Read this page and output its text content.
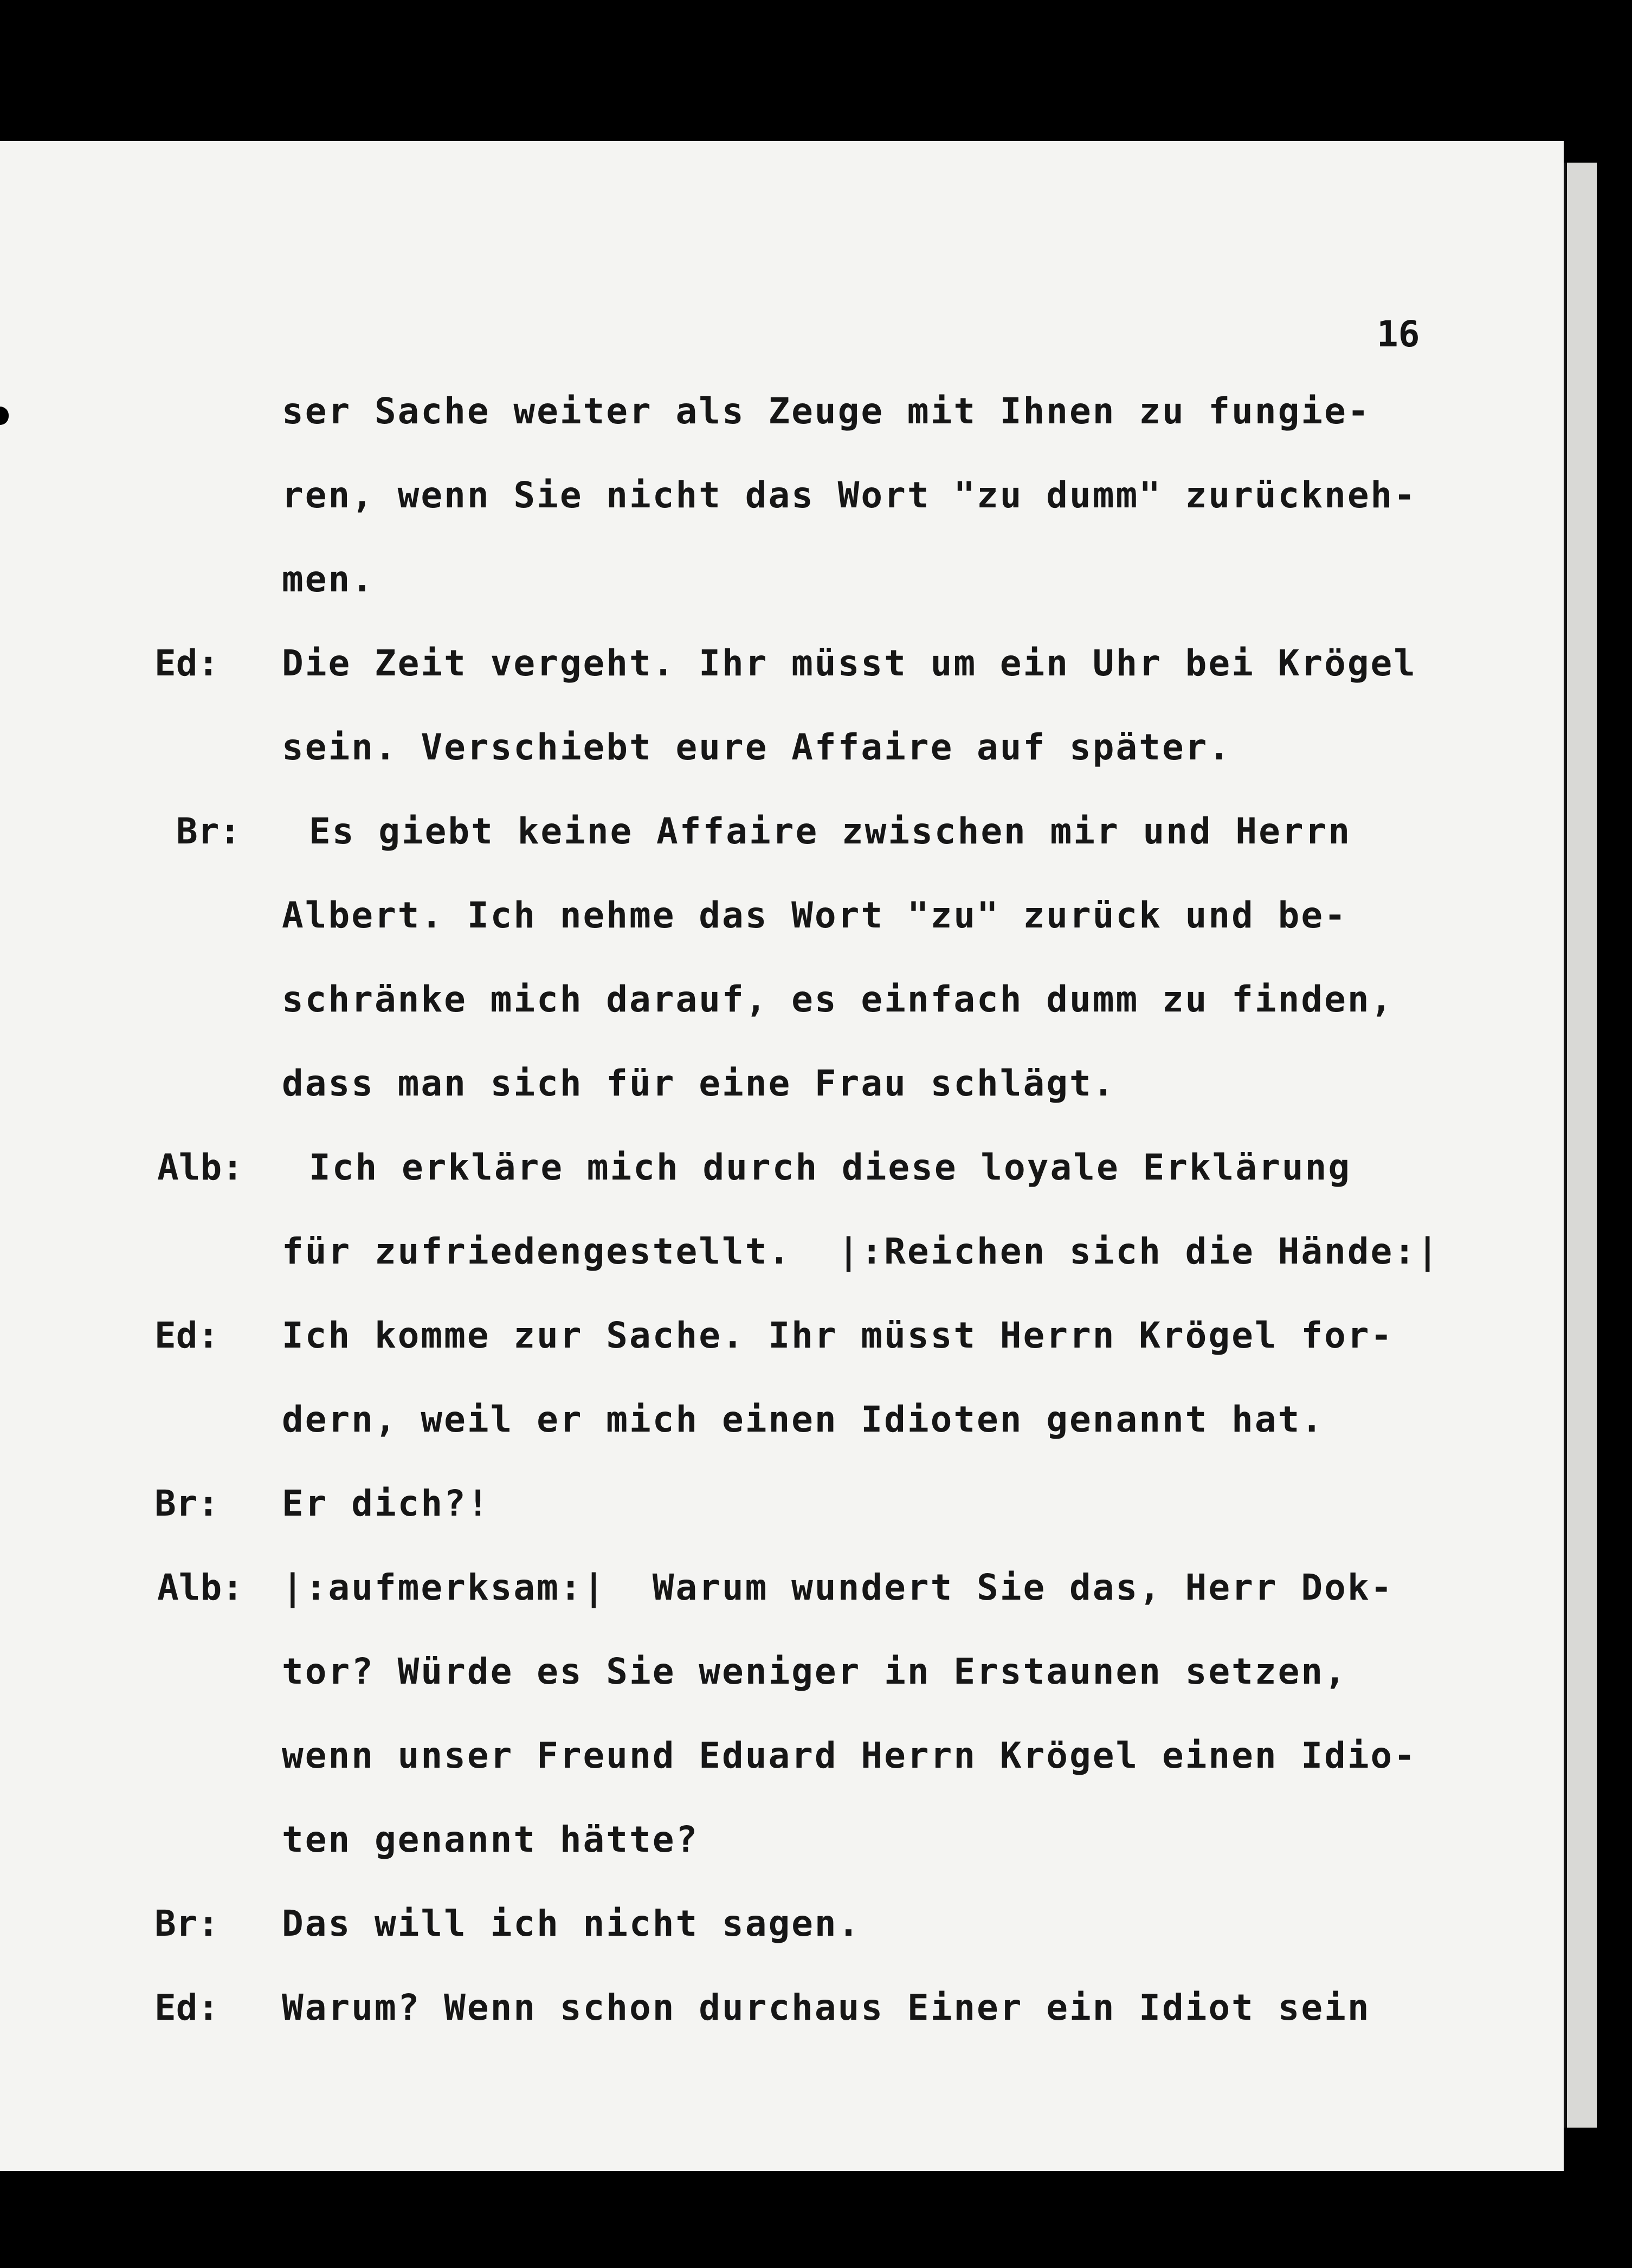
16

ser Sache weiter als Zeuge mit Ihnen zu fungie-

ren, wenn Sie nicht das Wort "zu dumm" zurückneh-

men.

Ed:

Die Zeit vergeht. Ihr müsst um ein Uhr bei Krögel

sein. Verschiebt eure Affaire auf später.

Br:

Es giebt keine Affaire zwischen mir und Herrn

Albert. Ich nehme das Wort "zu" zurück und be-

schränke mich darauf, es einfach dumm zu finden,

dass man sich für eine Frau schlägt.

Alb:

Ich erkläre mich durch diese loyale Erklärung

für zufriedengestellt.  |:Reichen sich die Hände:|

Ed:

Ich komme zur Sache. Ihr müsst Herrn Krögel for-

dern, weil er mich einen Idioten genannt hat.

Br:

Er dich?!

Alb:

|:aufmerksam:|  Warum wundert Sie das, Herr Dok-

tor? Würde es Sie weniger in Erstaunen setzen,

wenn unser Freund Eduard Herrn Krögel einen Idio-

ten genannt hätte?

Br:

Das will ich nicht sagen.

Ed:

Warum? Wenn schon durchaus Einer ein Idiot sein
